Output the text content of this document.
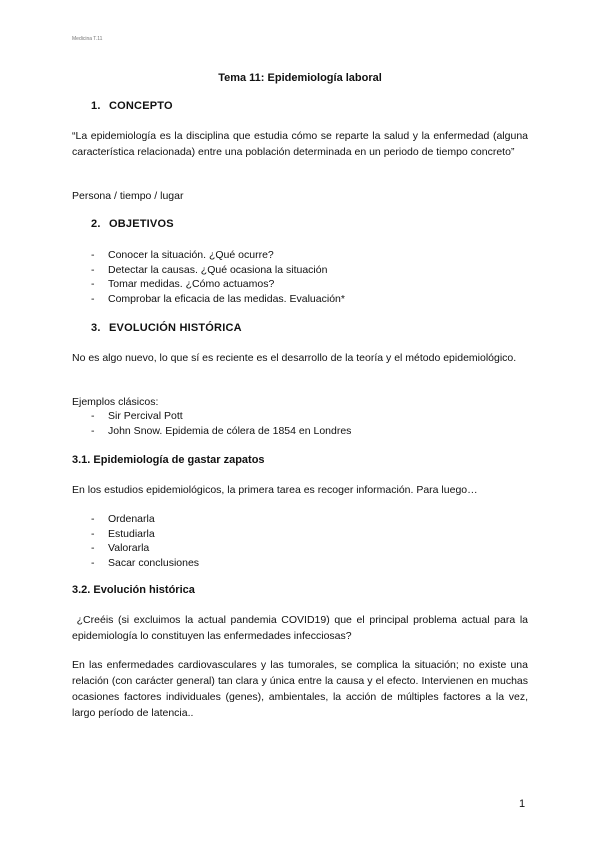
Medicina T.11
Tema 11: Epidemiología laboral
1. CONCEPTO
“La epidemiología es la disciplina que estudia cómo se reparte la salud y la enfermedad (alguna característica relacionada) entre una población determinada en un periodo de tiempo concreto”
Persona / tiempo / lugar
2. OBJETIVOS
- Conocer la situación. ¿Qué ocurre?
- Detectar la causas. ¿Qué ocasiona la situación
- Tomar medidas. ¿Cómo actuamos?
- Comprobar la eficacia de las medidas. Evaluación*
3. EVOLUCIÓN HISTÓRICA
No es algo nuevo, lo que sí es reciente es el desarrollo de la teoría y el método epidemiológico.
Ejemplos clásicos:
- Sir Percival Pott
- John Snow. Epidemia de cólera de 1854 en Londres
3.1. Epidemiología de gastar zapatos
En los estudios epidemiológicos, la primera tarea es recoger información. Para luego…
- Ordenarla
- Estudiarla
- Valorarla
- Sacar conclusiones
3.2. Evolución histórica
¿Creéis (si excluimos la actual pandemia COVID19) que el principal problema actual para la epidemiología lo constituyen las enfermedades infecciosas?
En las enfermedades cardiovasculares y las tumorales, se complica la situación; no existe una relación (con carácter general) tan clara y única entre la causa y el efecto. Intervienen en muchas ocasiones factores individuales (genes), ambientales, la acción de múltiples factores a la vez, largo período de latencia..
1
